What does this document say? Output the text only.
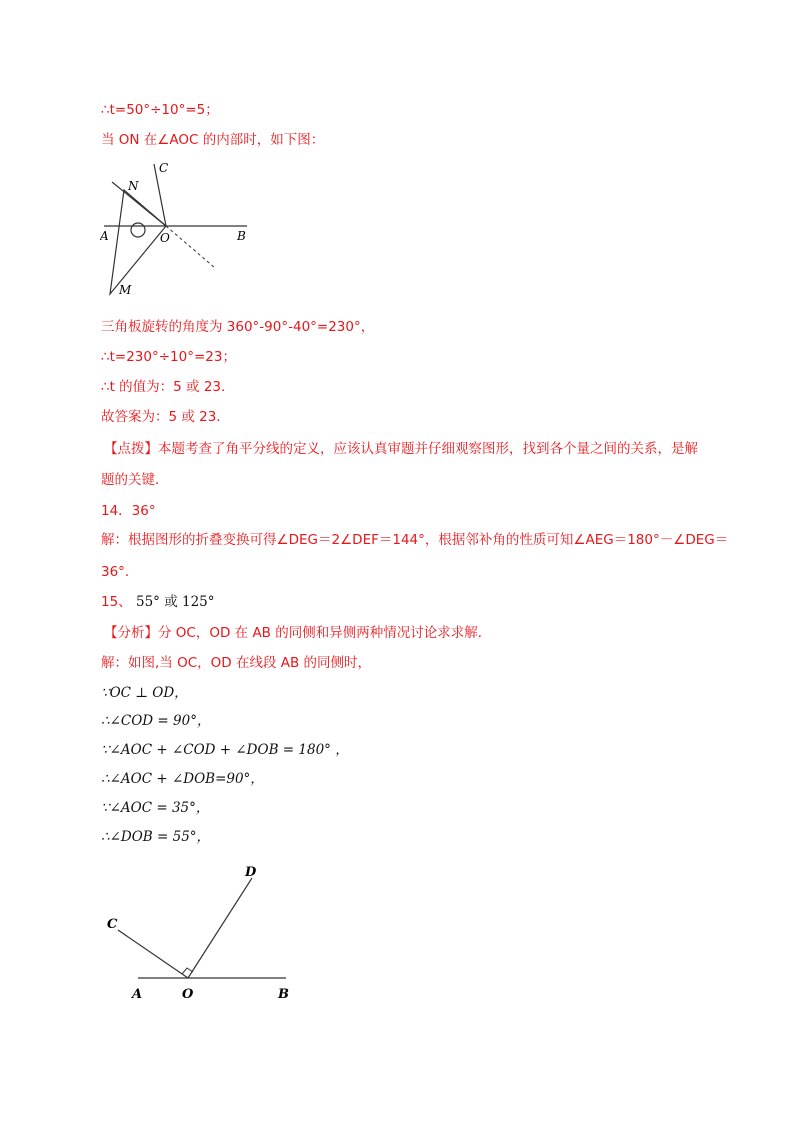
∴t=50°÷10°=5；
当 ON 在∠AOC 的内部时，如下图：
A	B
C
N
O
M
三角板旋转的角度为 360°-90°-40°=230°，
∴t=230°÷10°=23；
∴t 的值为：5 或 23．
故答案为：5 或 23．
【点拨】本题考查了角平分线的定义，应该认真审题并仔细观察图形，找到各个量之间的关系，是解
题的关键．
14．36°
解：根据图形的折叠变换可得∠DEG＝2∠DEF＝144°，根据邻补角的性质可知∠AEG＝180°－∠DEG＝
36°．
15、 55° 或 125°
【分析】分 OC，OD 在 AB 的同侧和异侧两种情况讨论求求解．
解：如图,当 OC，OD 在线段 AB 的同侧时，
∵OC ⊥ OD，
∴∠COD = 90°，
∵∠AOC + ∠COD + ∠DOB = 180° ，
∴∠AOC + ∠DOB=90°，
∵∠AOC = 35°，
∴∠DOB = 55°，
A	B
C
D
O
